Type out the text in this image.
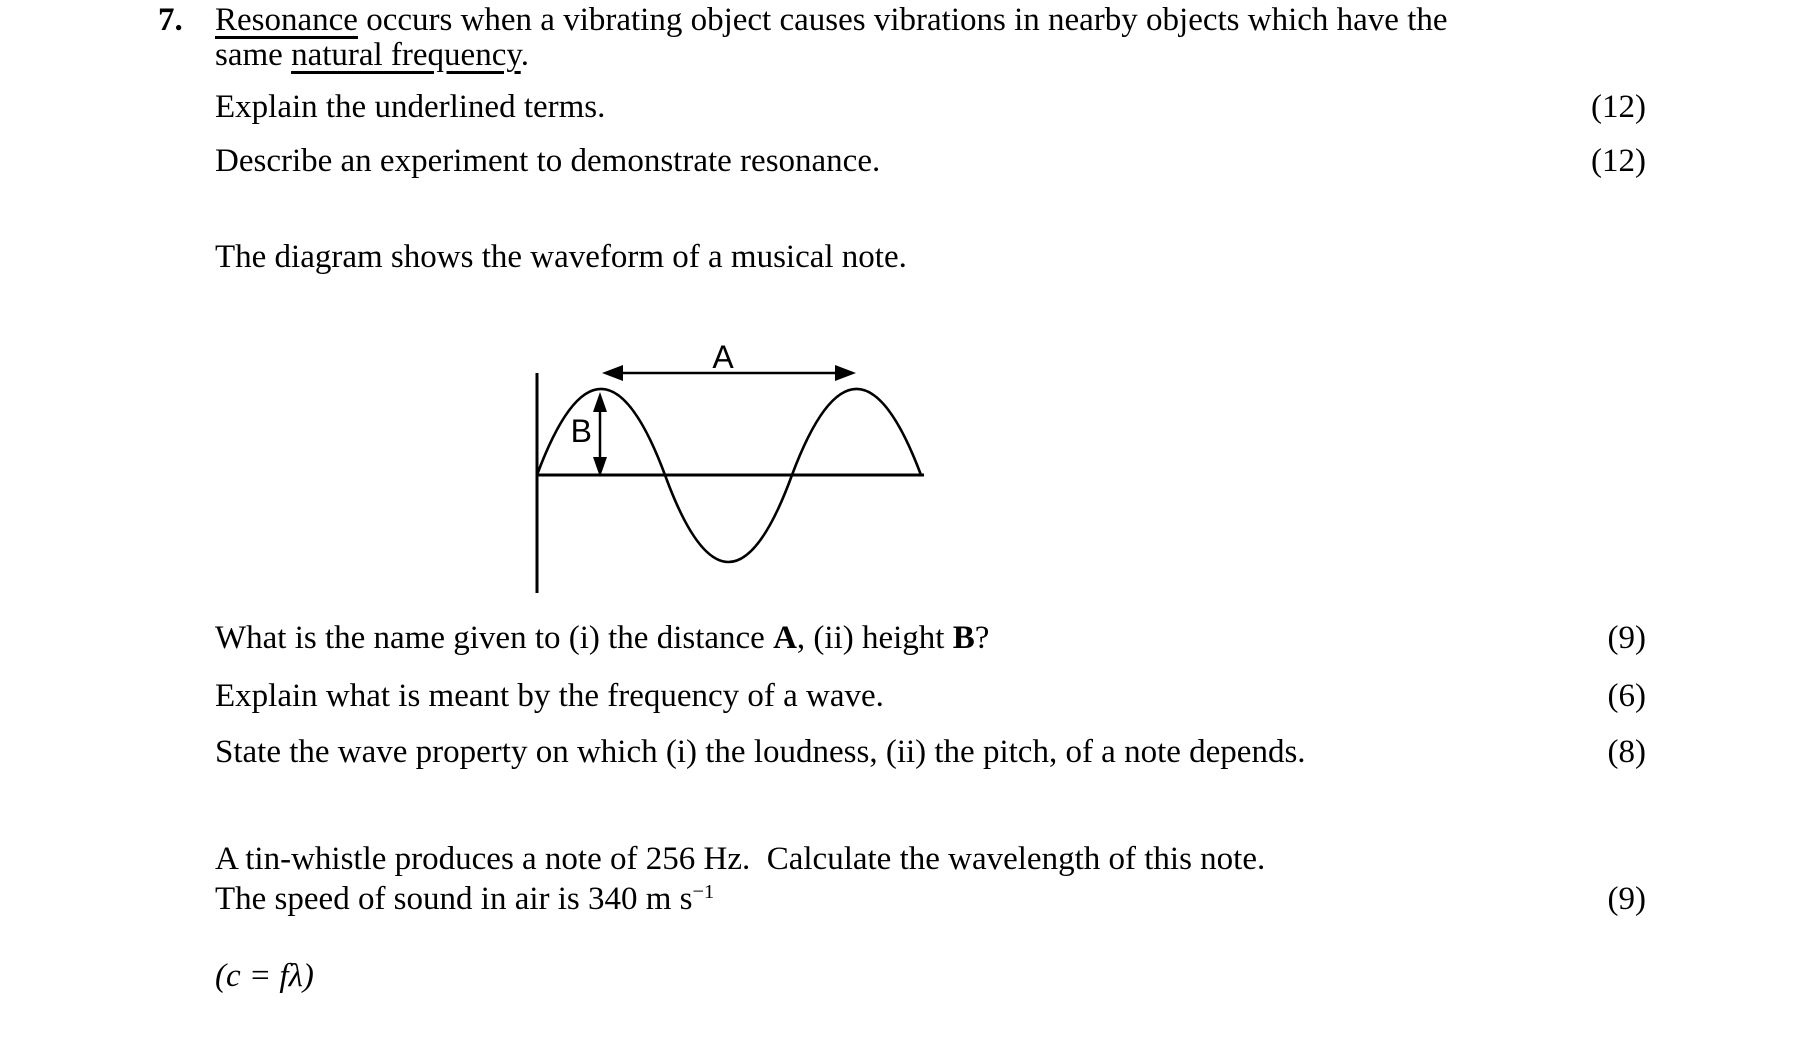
7. Resonance occurs when a vibrating object causes vibrations in nearby objects which have the
same natural frequency.
Explain the underlined terms.	(12)
Describe an experiment to demonstrate resonance.	(12)
The diagram shows the waveform of a musical note.
A
B
What is the name given to (i) the distance A, (ii) height B?	(9)
Explain what is meant by the frequency of a wave.	(6)
State the wave property on which (i) the loudness, (ii) the pitch, of a note depends.	(8)
A tin-whistle produces a note of 256 Hz.  Calculate the wavelength of this note.
The speed of sound in air is 340 m $s^{-1}$	(9)
(c = fλ)
